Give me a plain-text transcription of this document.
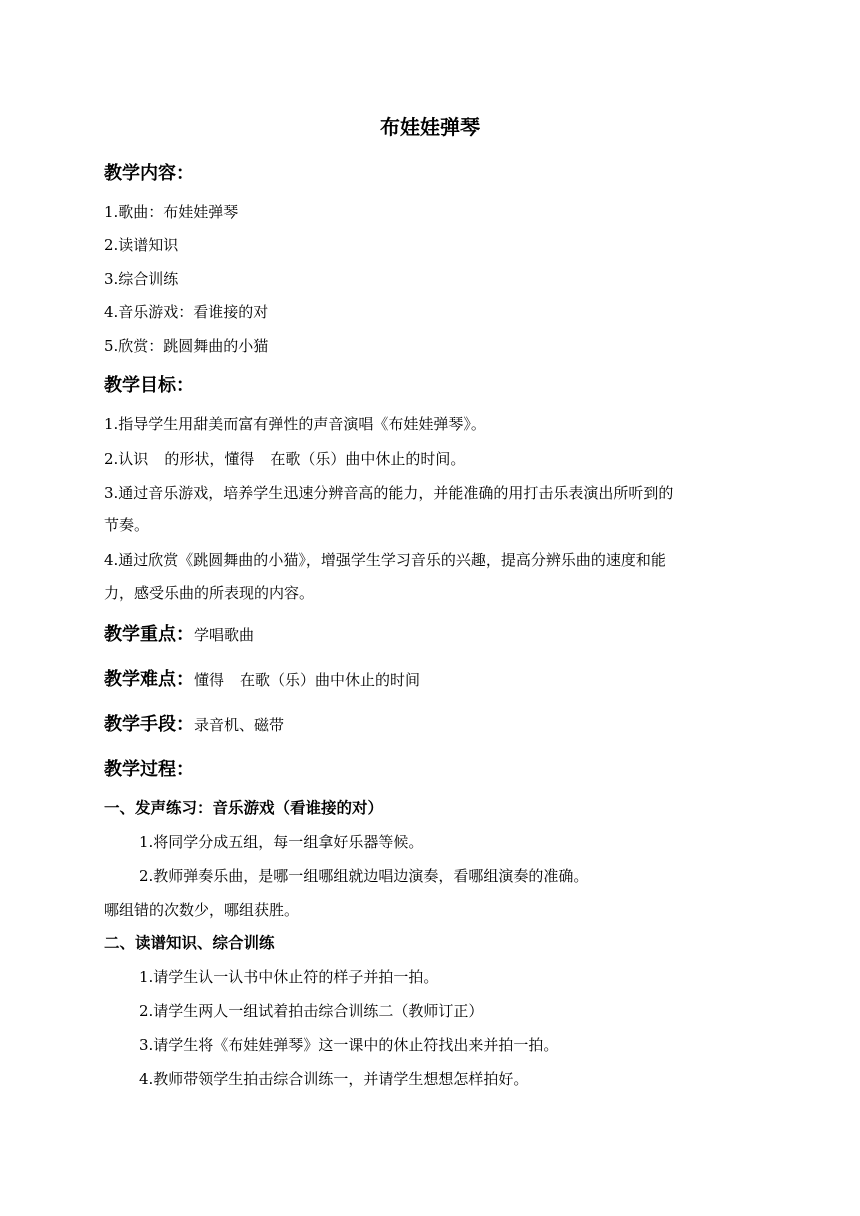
布娃娃弹琴
教学内容：
1.歌曲：布娃娃弹琴
2.读谱知识
3.综合训练
4.音乐游戏：看谁接的对
5.欣赏：跳圆舞曲的小猫
教学目标：
1.指导学生用甜美而富有弹性的声音演唱《布娃娃弹琴》。
2.认识 的形状，懂得 在歌（乐）曲中休止的时间。
3.通过音乐游戏，培养学生迅速分辨音高的能力，并能准确的用打击乐表演出所听到的
节奏。
4.通过欣赏《跳圆舞曲的小猫》，增强学生学习音乐的兴趣，提高分辨乐曲的速度和能
力，感受乐曲的所表现的内容。
教学重点：学唱歌曲
教学难点：懂得 在歌（乐）曲中休止的时间
教学手段：录音机、磁带
教学过程：
一、发声练习：音乐游戏（看谁接的对）
1.将同学分成五组，每一组拿好乐器等候。
2.教师弹奏乐曲，是哪一组哪组就边唱边演奏，看哪组演奏的准确。
哪组错的次数少，哪组获胜。
二、读谱知识、综合训练
1.请学生认一认书中休止符的样子并拍一拍。
2.请学生两人一组试着拍击综合训练二（教师订正）
3.请学生将《布娃娃弹琴》这一课中的休止符找出来并拍一拍。
4.教师带领学生拍击综合训练一，并请学生想想怎样拍好。
